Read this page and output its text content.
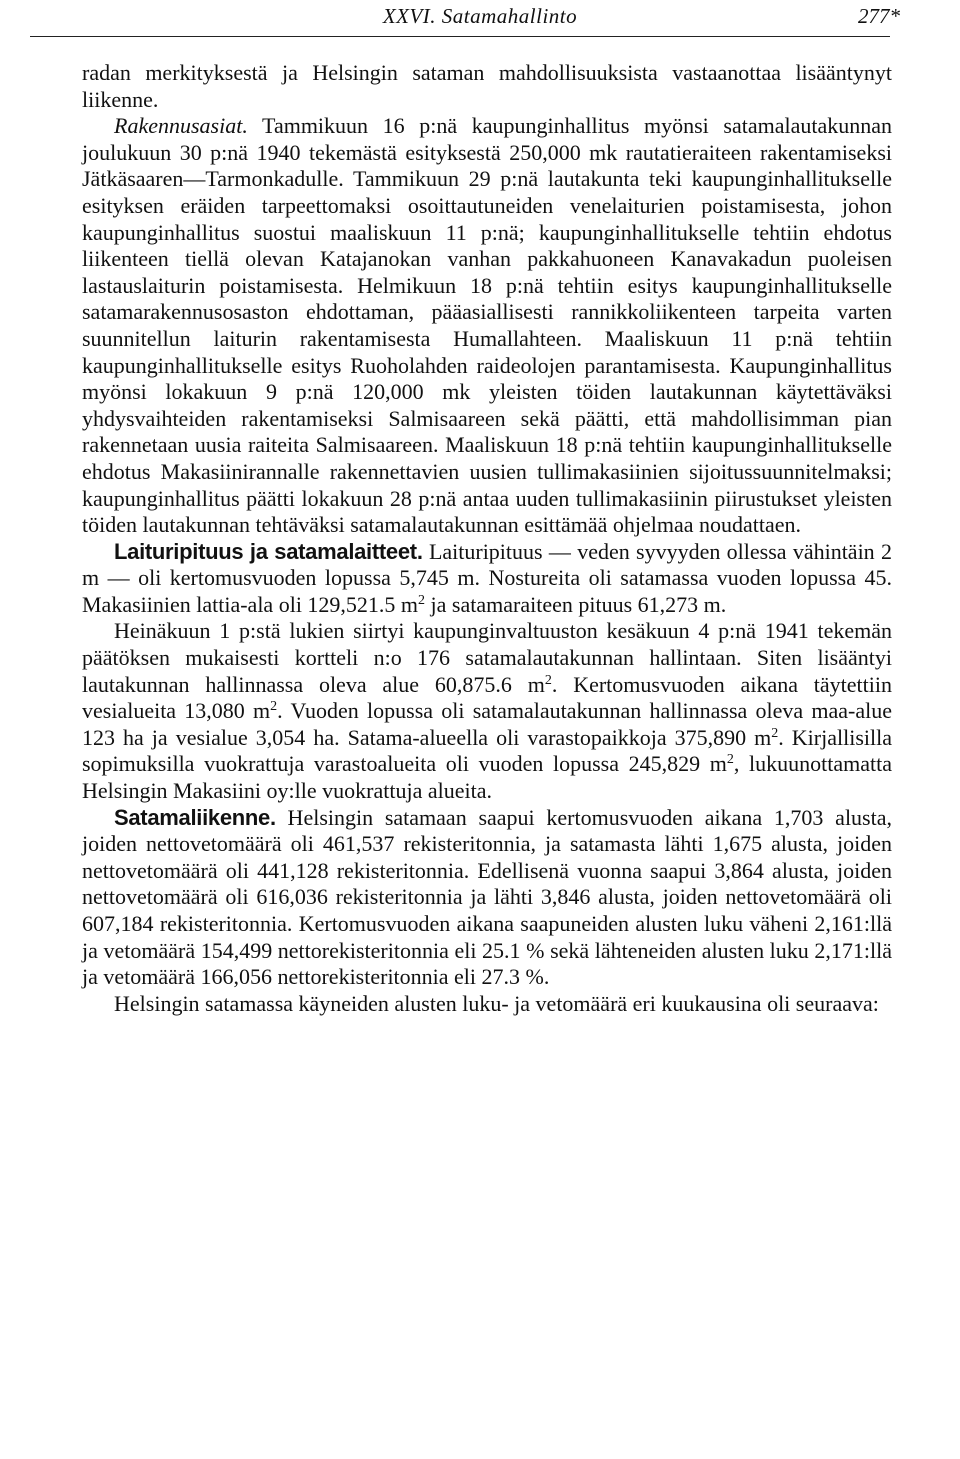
XXVI. Satamahallinto	277*

radan merkityksestä ja Helsingin sataman mahdollisuuksista vastaanottaa lisääntynyt liikenne.

Rakennusasiat. Tammikuun 16 p:nä kaupunginhallitus myönsi satamalautakunnan joulukuun 30 p:nä 1940 tekemästä esityksestä 250,000 mk rautatieraiteen rakentamiseksi Jätkäsaaren—Tarmonkadulle. Tammikuun 29 p:nä lautakunta teki kaupunginhallitukselle esityksen eräiden tarpeettomaksi osoittautuneiden venelaiturien poistamisesta, johon kaupunginhallitus suostui maaliskuun 11 p:nä; kaupunginhallitukselle tehtiin ehdotus liikenteen tiellä olevan Katajanokan vanhan pakkahuoneen Kanavakadun puoleisen lastauslaiturin poistamisesta. Helmikuun 18 p:nä tehtiin esitys kaupunginhallitukselle satamarakennusosaston ehdottaman, pääasiallisesti rannikkoliikenteen tarpeita varten suunnitellun laiturin rakentamisesta Humallahteen. Maaliskuun 11 p:nä tehtiin kaupunginhallitukselle esitys Ruoholahden raideolojen parantamisesta. Kaupunginhallitus myönsi lokakuun 9 p:nä 120,000 mk yleisten töiden lautakunnan käytettäväksi yhdysvaihteiden rakentamiseksi Salmisaareen sekä päätti, että mahdollisimman pian rakennetaan uusia raiteita Salmisaareen. Maaliskuun 18 p:nä tehtiin kaupunginhallitukselle ehdotus Makasiinirannalle rakennettavien uusien tullimakasiinien sijoitussuunnitelmaksi; kaupunginhallitus päätti lokakuun 28 p:nä antaa uuden tullimakasiinin piirustukset yleisten töiden lautakunnan tehtäväksi satamalautakunnan esittämää ohjelmaa noudattaen.

Laituripituus ja satamalaitteet. Laituripituus — veden syvyyden ollessa vähintäin 2 m — oli kertomusvuoden lopussa 5,745 m. Nostureita oli satamassa vuoden lopussa 45. Makasiinien lattia-ala oli 129,521.5 $m^2$ ja satamaraiteen pituus 61,273 m.

Heinäkuun 1 p:stä lukien siirtyi kaupunginvaltuuston kesäkuun 4 p:nä 1941 tekemän päätöksen mukaisesti kortteli n:o 176 satamalautakunnan hallintaan. Siten lisääntyi lautakunnan hallinnassa oleva alue 60,875.6 $m^2$. Kertomusvuoden aikana täytettiin vesialueita 13,080 $m^2$. Vuoden lopussa oli satamalautakunnan hallinnassa oleva maa-alue 123 ha ja vesialue 3,054 ha. Satama-alueella oli varastopaikkoja 375,890 $m^2$. Kirjallisilla sopimuksilla vuokrattuja varastoalueita oli vuoden lopussa 245,829 $m^2$, lukuunottamatta Helsingin Makasiini oy:lle vuokrattuja alueita.

Satamaliikenne. Helsingin satamaan saapui kertomusvuoden aikana 1,703 alusta, joiden nettovetomäärä oli 461,537 rekisteritonnia, ja satamasta lähti 1,675 alusta, joiden nettovetomäärä oli 441,128 rekisteritonnia. Edellisenä vuonna saapui 3,864 alusta, joiden nettovetomäärä oli 616,036 rekisteritonnia ja lähti 3,846 alusta, joiden nettovetomäärä oli 607,184 rekisteritonnia. Kertomusvuoden aikana saapuneiden alusten luku väheni 2,161:llä ja vetomäärä 154,499 nettorekisteritonnia eli 25.1 % sekä lähteneiden alusten luku 2,171:llä ja vetomäärä 166,056 nettorekisteritonnia eli 27.3 %.

Helsingin satamassa käyneiden alusten luku- ja vetomäärä eri kuukausina oli seuraava:
